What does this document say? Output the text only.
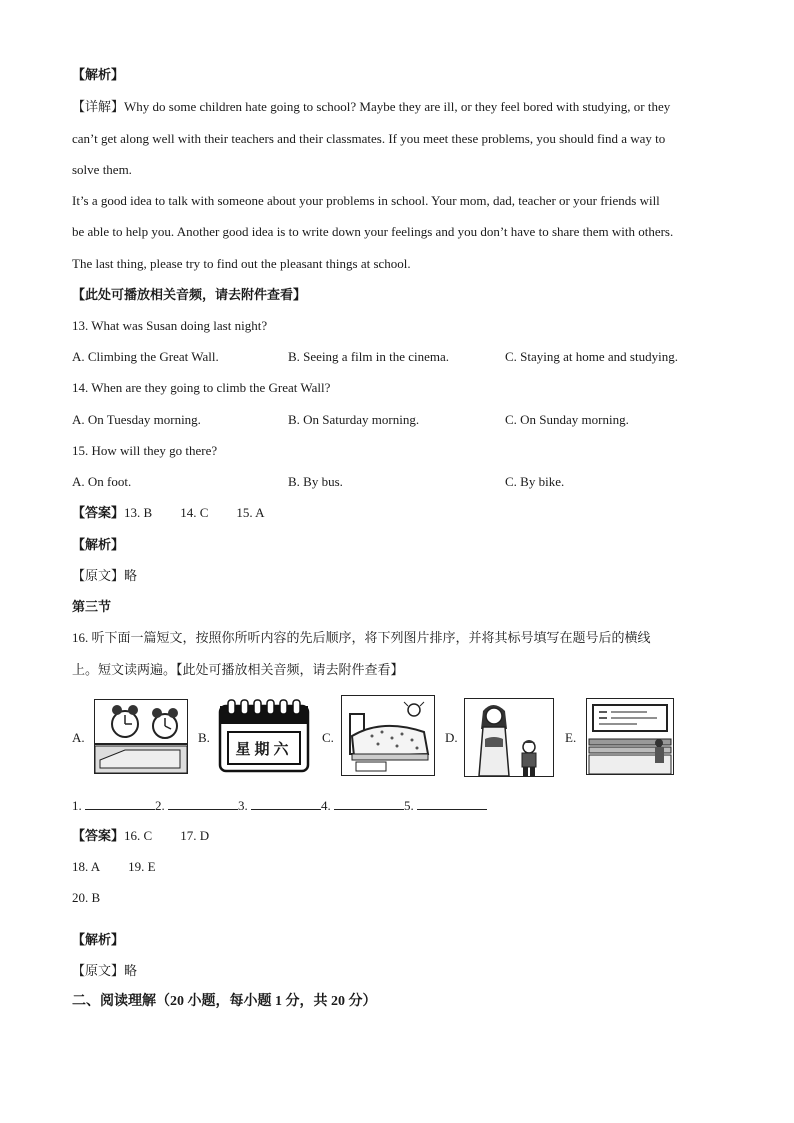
【解析】
【详解】Why do some children hate going to school? Maybe they are ill, or they feel bored with studying, or they
can’t get along well with their teachers and their classmates. If you meet these problems, you should find a way to
solve them.
It’s a good idea to talk with someone about your problems in school. Your mom, dad, teacher or your friends will
be able to help you. Another good idea is to write down your feelings and you don’t have to share them with others.
The last thing, please try to find out the pleasant things at school.
【此处可播放相关音频，请去附件查看】
13. What was Susan doing last night?
A. Climbing the Great Wall.	B. Seeing a film in the cinema.	C. Staying at home and studying.
14. When are they going to climb the Great Wall?
A. On Tuesday morning.	B. On Saturday morning.	C. On Sunday morning.
15. How will they go there?
A. On foot.	B. By bus.	C. By bike.
【答案】13. B 14. C 15. A
【解析】
【原文】略
第三节
16. 听下面一篇短文，按照你所听内容的先后顺序，将下列图片排序，并将其标号填写在题号后的横线
上。短文读两遍。【此处可播放相关音频，请去附件查看】
A.	B.
星期六
C.	D.	E.
1.	2.	3.	4.	5.
【答案】16. C 17. D
18. A 19. E
20. B
【解析】
【原文】略
二、阅读理解（20 小题，每小题 1 分，共 20 分）
